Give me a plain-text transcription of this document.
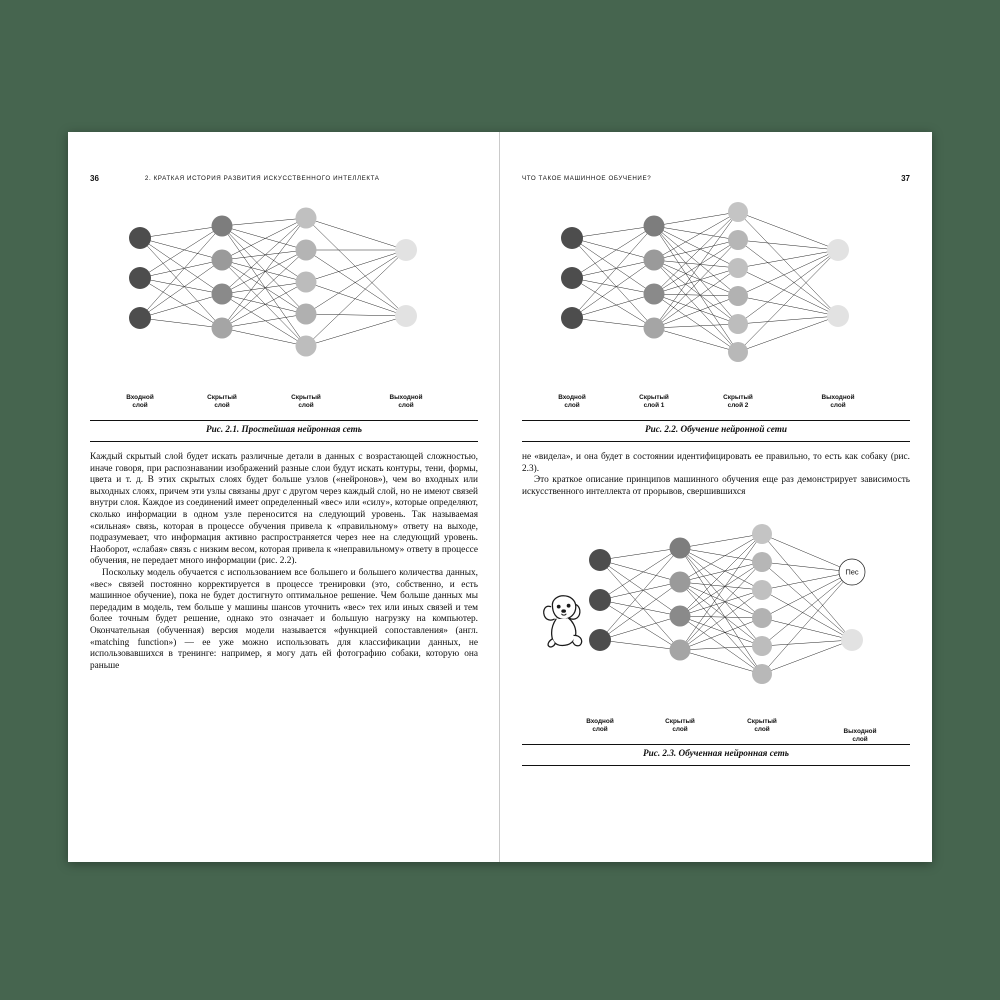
36	2. КРАТКАЯ ИСТОРИЯ РАЗВИТИЯ ИСКУССТВЕННОГО ИНТЕЛЛЕКТА
Входной

слой
Скрытый

слой
Скрытый

слой
Выходной

слой
Рис. 2.1. Простейшая нейронная сеть

Каждый скрытый слой будет искать различные детали в данных с возрастающей сложностью, иначе говоря, при распознавании изображений разные слои будут искать контуры, тени, формы, цвета и т. д. В этих скрытых слоях будет больше узлов («нейронов»), чем во входных или выходных слоях, причем эти узлы связаны друг с другом через каждый слой, но не имеют связей внутри слоя. Каждое из соединений имеет определенный «вес» или «силу», которые определяют, сколько информации в одном узле переносится на следующий уровень. Так называемая «сильная» связь, которая в процессе обучения привела к «правильному» ответу на выходе, подразумевает, что информация активно распространяется через нее на следующий уровень. Наоборот, «слабая» связь с низким весом, которая привела к «неправильному» ответу в процессе обучения, не передает много информации (рис. 2.2).

Поскольку модель обучается с использованием все большего и большего количества данных, «вес» связей постоянно корректируется в процессе тренировки (это, собственно, и есть машинное обучение), пока не будет достигнуто оптимальное решение. Чем больше данных мы передадим в модель, тем больше у машины шансов уточнить «вес» тех или иных связей и тем более точным будет решение, однако это означает и большую нагрузку на компьютер. Окончательная (обученная) версия модели называется «функцией сопоставления» (англ. «matching function») — ее уже можно использовать для классификации данных, не использовавшихся в тренинге: например, я могу дать ей фотографию собаки, которую она раньше

ЧТО ТАКОЕ МАШИННОЕ ОБУЧЕНИЕ?	37
Входной

слой
Скрытый

слой 1
Скрытый

слой 2
Выходной

слой
Рис. 2.2. Обучение нейронной сети

не «видела», и она будет в состоянии идентифицировать ее правильно, то есть как собаку (рис. 2.3).

Это краткое описание принципов машинного обучения еще раз демонстрирует зависимость искусственного интеллекта от прорывов, свершившихся

Пес
Входной

слой
Скрытый

слой
Скрытый

слой	Выходной

слой
Рис. 2.3. Обученная нейронная сеть
